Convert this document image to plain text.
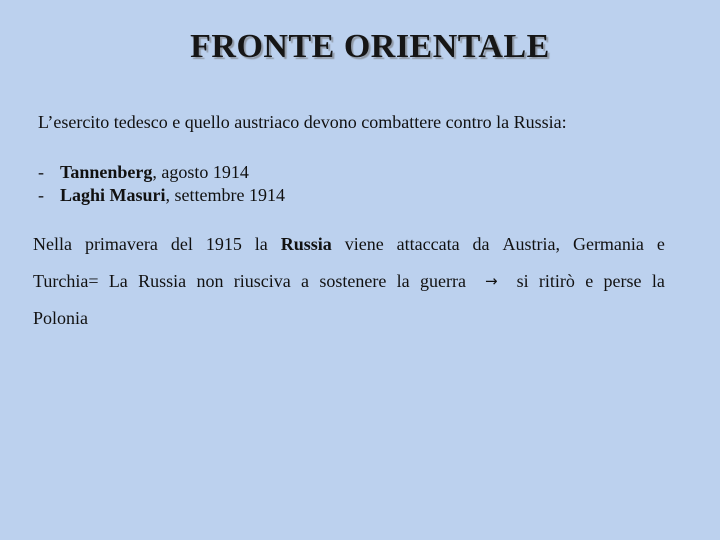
FRONTE ORIENTALE

L’esercito tedesco e quello austriaco devono combattere contro la Russia:

- Tannenberg, agosto 1914
- Laghi Masuri, settembre 1914
Nella primavera del 1915 la Russia viene attaccata da Austria, Germania e
Turchia= La Russia non riusciva a sostenere la guerra	→	si ritirò e perse la
Polonia
